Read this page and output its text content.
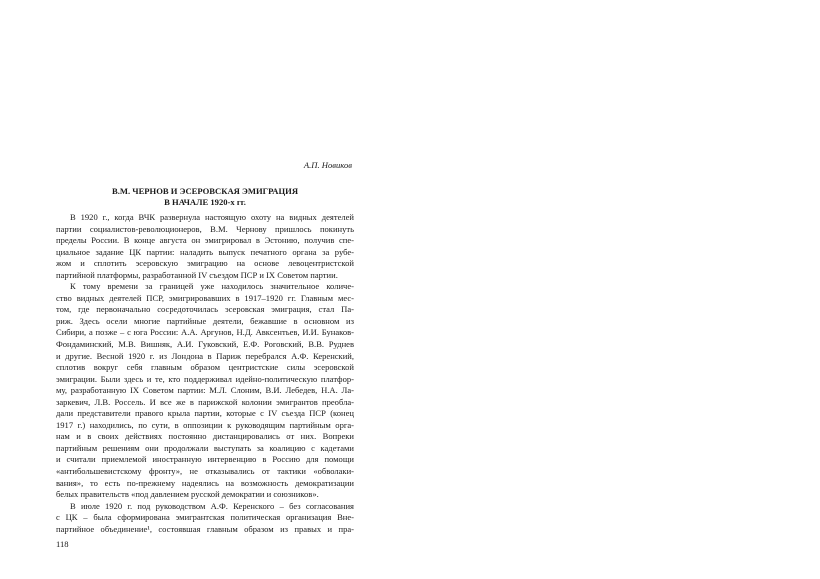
А.П. Новиков
В.М. ЧЕРНОВ И ЭСЕРОВСКАЯ ЭМИГРАЦИЯ
В НАЧАЛЕ 1920-х гг.
В 1920 г., когда ВЧК развернула настоящую охоту на видных деятелей
партии социалистов-революционеров, В.М. Чернову пришлось покинуть
пределы России. В конце августа он эмигрировал в Эстонию, получив спе-
циальное задание ЦК партии: наладить выпуск печатного органа за рубе-
жом и сплотить эсеровскую эмиграцию на основе левоцентристской
партийной платформы, разработанной IV съездом ПСР и IX Советом партии.
К тому времени за границей уже находилось значительное количе-
ство видных деятелей ПСР, эмигрировавших в 1917–1920 гг. Главным мес-
том, где первоначально сосредоточилась эсеровская эмиграция, стал Па-
риж. Здесь осели многие партийные деятели, бежавшие в основном из
Сибири, а позже – с юга России: А.А. Аргунов, Н.Д. Авксентьев, И.И. Бунаков-
Фондаминский, М.В. Вишняк, А.И. Гуковский, Е.Ф. Роговский, В.В. Руднев
и другие. Весной 1920 г. из Лондона в Париж перебрался А.Ф. Керенский,
сплотив вокруг себя главным образом центристские силы эсеровской
эмиграции. Были здесь и те, кто поддерживал идейно-политическую платфор-
му, разработанную IX Советом партии: М.Л. Слоним, В.И. Лебедев, Н.А. Ла-
заркевич, Л.В. Россель. И все же в парижской колонии эмигрантов преобла-
дали представители правого крыла партии, которые с IV съезда ПСР (конец
1917 г.) находились, по сути, в оппозиции к руководящим партийным орга-
нам и в своих действиях постоянно дистанцировались от них. Вопреки
партийным решениям они продолжали выступать за коалицию с кадетами
и считали приемлемой иностранную интервенцию в Россию для помощи
«антибольшевистскому фронту», не отказывались от тактики «обволаки-
вания», то есть по-прежнему надеялись на возможность демократизации
белых правительств «под давлением русской демократии и союзников».
В июле 1920 г. под руководством А.Ф. Керенского – без согласования
с ЦК – была сформирована эмигрантская политическая организация Вне-
партийное объединение¹, состоявшая главным образом из правых и пра-
118
